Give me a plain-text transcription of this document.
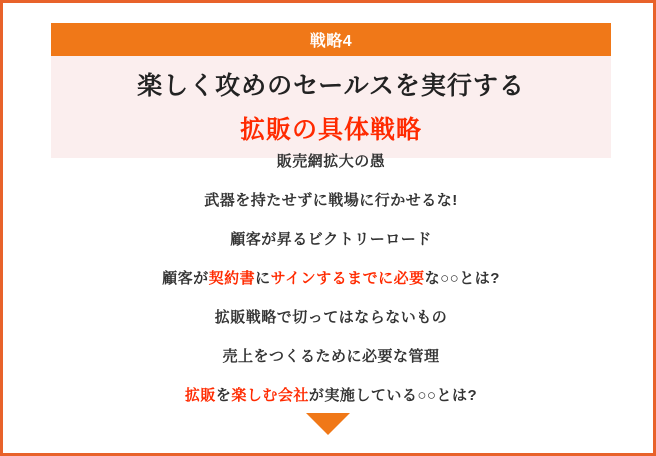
戦略4
楽しく攻めのセールスを実行する
拡販の具体戦略

販売網拡大の愚

武器を持たせずに戦場に行かせるな!

顧客が昇るビクトリーロード

顧客が契約書にサインするまでに必要な○○とは?

拡販戦略で切ってはならないもの

売上をつくるために必要な管理

拡販を楽しむ会社が実施している○○とは?
